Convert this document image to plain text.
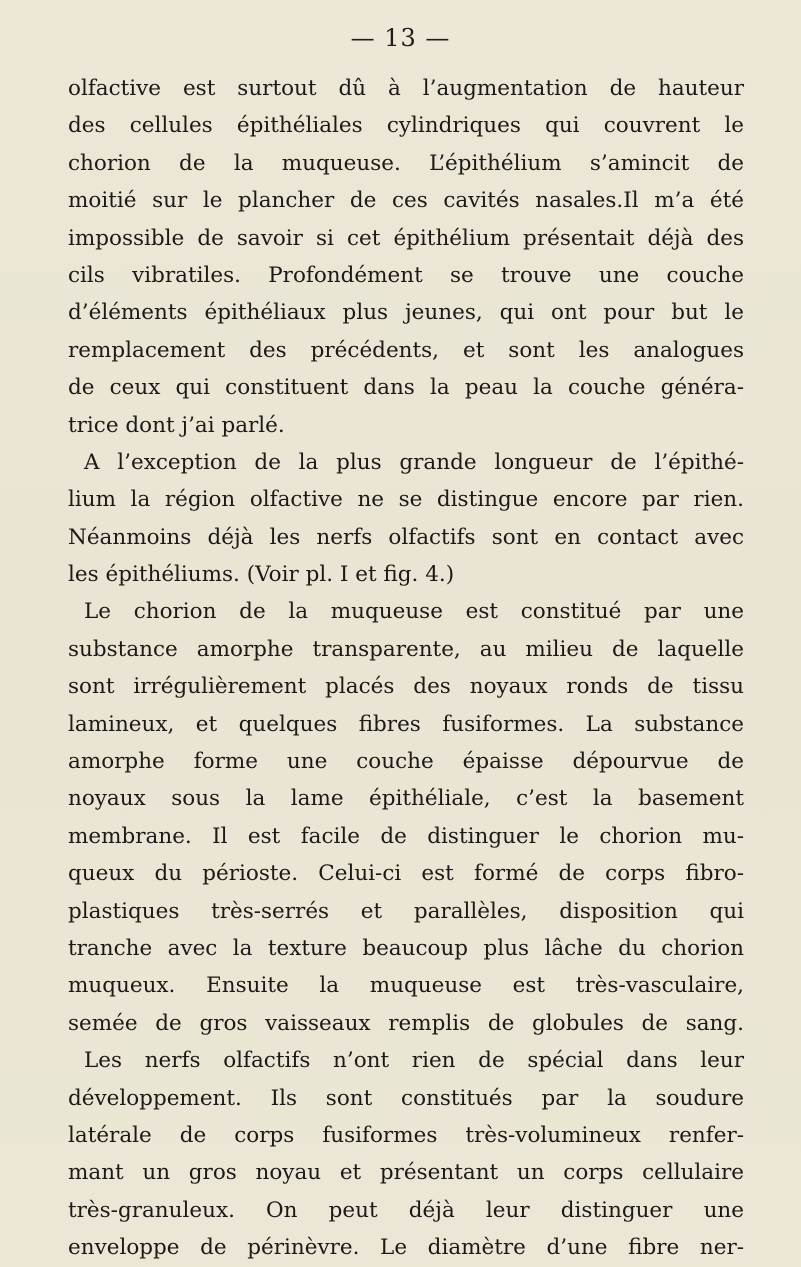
— 13 —
olfactive est surtout dû à l’augmentation de hauteur
des cellules épithéliales cylindriques qui couvrent le
chorion de la muqueuse. L’épithélium s’amincit de
moitié sur le plancher de ces cavités nasales.Il m’a été
impossible de savoir si cet épithélium présentait déjà des
cils vibratiles. Profondément se trouve une couche
d’éléments épithéliaux plus jeunes, qui ont pour but le
remplacement des précédents, et sont les analogues
de ceux qui constituent dans la peau la couche généra-
trice dont j’ai parlé.
A l’exception de la plus grande longueur de l’épithé-
lium la région olfactive ne se distingue encore par rien.
Néanmoins déjà les nerfs olfactifs sont en contact avec
les épithéliums. (Voir pl. I et fig. 4.)
Le chorion de la muqueuse est constitué par une
substance amorphe transparente, au milieu de laquelle
sont irrégulièrement placés des noyaux ronds de tissu
lamineux, et quelques fibres fusiformes. La substance
amorphe forme une couche épaisse dépourvue de
noyaux sous la lame épithéliale, c’est la basement
membrane. Il est facile de distinguer le chorion mu-
queux du périoste. Celui-ci est formé de corps fibro-
plastiques très-serrés et parallèles, disposition qui
tranche avec la texture beaucoup plus lâche du chorion
muqueux. Ensuite la muqueuse est très-vasculaire,
semée de gros vaisseaux remplis de globules de sang.
Les nerfs olfactifs n’ont rien de spécial dans leur
développement. Ils sont constitués par la soudure
latérale de corps fusiformes très-volumineux renfer-
mant un gros noyau et présentant un corps cellulaire
très-granuleux. On peut déjà leur distinguer une
enveloppe de périnèvre. Le diamètre d’une fibre ner-
